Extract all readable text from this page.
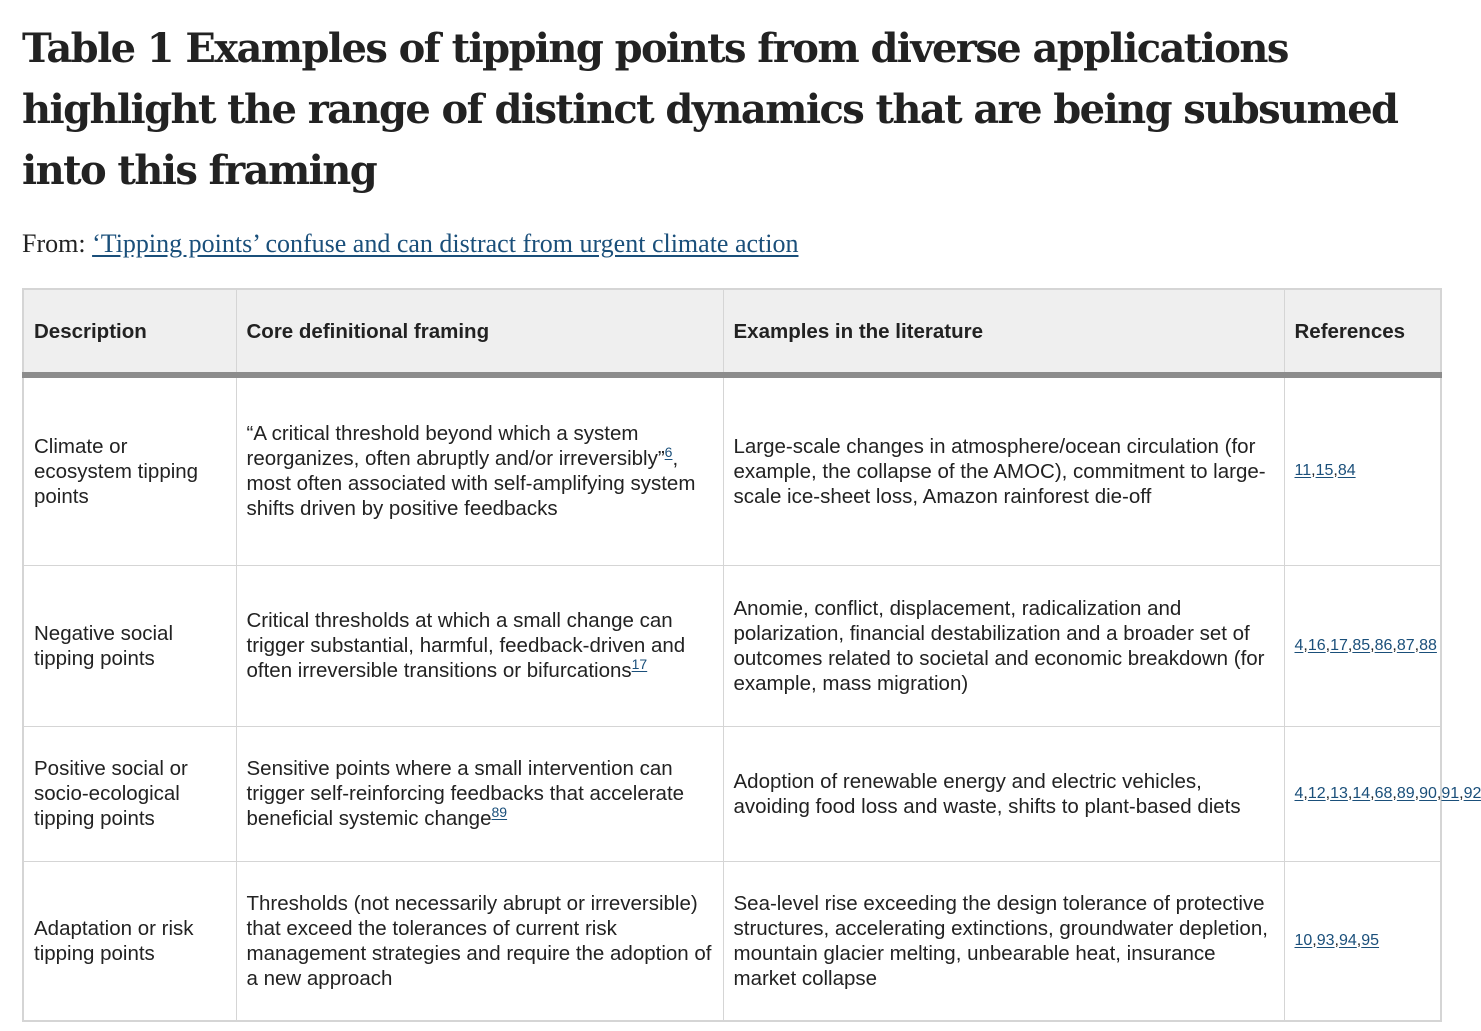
Table 1 Examples of tipping points from diverse applications highlight the range of distinct dynamics that are being subsumed into this framing
From: ‘Tipping points’ confuse and can distract from urgent climate action
Description	Core definitional framing	Examples in the literature	References
Climate or ecosystem tipping points	“A critical threshold beyond which a system reorganizes, often abruptly and/or irreversibly”$^6$, most often associated with self-amplifying system shifts driven by positive feedbacks	Large-scale changes in atmosphere/ocean circulation (for example, the collapse of the AMOC), commitment to large-scale ice-sheet loss, Amazon rainforest die-off	11,15,84
Negative social tipping points	Critical thresholds at which a small change can trigger substantial, harmful, feedback-driven and often irreversible transitions or bifurcations$^{17}$	Anomie, conflict, displacement, radicalization and polarization, financial destabilization and a broader set of outcomes related to societal and economic breakdown (for example, mass migration)	4,16,17,85,86,87,88
Positive social or socio-ecological tipping points	Sensitive points where a small intervention can trigger self-reinforcing feedbacks that accelerate beneficial systemic change$^{89}$	Adoption of renewable energy and electric vehicles, avoiding food loss and waste, shifts to plant-based diets	4,12,13,14,68,89,90,91,92
Adaptation or risk tipping points	Thresholds (not necessarily abrupt or irreversible) that exceed the tolerances of current risk management strategies and require the adoption of a new approach	Sea-level rise exceeding the design tolerance of protective structures, accelerating extinctions, groundwater depletion, mountain glacier melting, unbearable heat, insurance market collapse	10,93,94,95
